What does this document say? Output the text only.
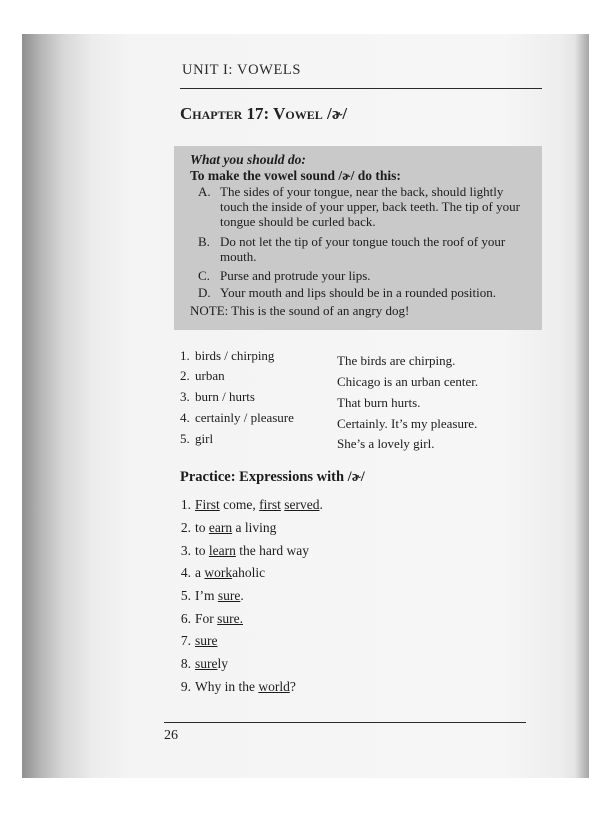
UNIT I: VOWELS
Chapter 17: Vowel /ɚ/
What you should do:
To make the vowel sound /ɚ/ do this:
A. The sides of your tongue, near the back, should lightly touch the inside of your upper, back teeth. The tip of your tongue should be curled back.
B. Do not let the tip of your tongue touch the roof of your mouth.
C. Purse and protrude your lips.
D. Your mouth and lips should be in a rounded position.
NOTE: This is the sound of an angry dog!
1. birds / chirping
2. urban
3. burn / hurts
4. certainly / pleasure
5. girl
The birds are chirping.
Chicago is an urban center.
That burn hurts.
Certainly. It’s my pleasure.
She’s a lovely girl.
Practice: Expressions with /ɚ/
1. First come, first served.
2. to earn a living
3. to learn the hard way
4. a workaholic
5. I’m sure.
6. For sure.
7. sure
8. surely
9. Why in the world?
26
